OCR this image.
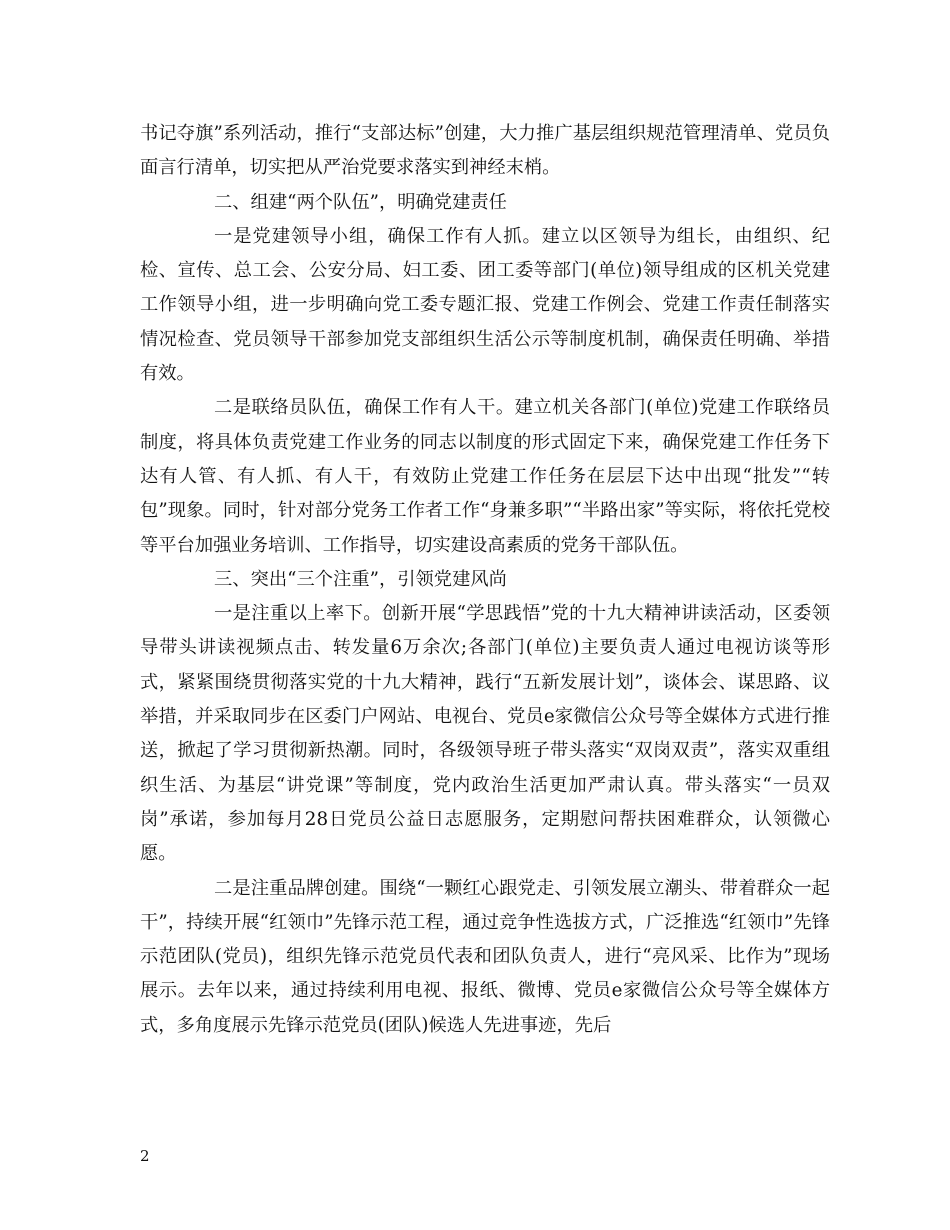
书记夺旗”系列活动，推行“支部达标”创建，大力推广基层组织规范管理清单、党员负面言行清单，切实把从严治党要求落实到神经末梢。

二、组建“两个队伍”，明确党建责任

一是党建领导小组，确保工作有人抓。建立以区领导为组长，由组织、纪检、宣传、总工会、公安分局、妇工委、团工委等部门(单位)领导组成的区机关党建工作领导小组，进一步明确向党工委专题汇报、党建工作例会、党建工作责任制落实情况检查、党员领导干部参加党支部组织生活公示等制度机制，确保责任明确、举措有效。

二是联络员队伍，确保工作有人干。建立机关各部门(单位)党建工作联络员制度，将具体负责党建工作业务的同志以制度的形式固定下来，确保党建工作任务下达有人管、有人抓、有人干，有效防止党建工作任务在层层下达中出现“批发”“转包”现象。同时，针对部分党务工作者工作“身兼多职”“半路出家”等实际，将依托党校等平台加强业务培训、工作指导，切实建设高素质的党务干部队伍。

三、突出“三个注重”，引领党建风尚

一是注重以上率下。创新开展“学思践悟”党的十九大精神讲读活动，区委领导带头讲读视频点击、转发量6万余次;各部门(单位)主要负责人通过电视访谈等形式，紧紧围绕贯彻落实党的十九大精神，践行“五新发展计划”，谈体会、谋思路、议举措，并采取同步在区委门户网站、电视台、党员e家微信公众号等全媒体方式进行推送，掀起了学习贯彻新热潮。同时，各级领导班子带头落实“双岗双责”，落实双重组织生活、为基层“讲党课”等制度，党内政治生活更加严肃认真。带头落实“一员双岗”承诺，参加每月28日党员公益日志愿服务，定期慰问帮扶困难群众，认领微心愿。

二是注重品牌创建。围绕“一颗红心跟党走、引领发展立潮头、带着群众一起干”，持续开展“红领巾”先锋示范工程，通过竞争性选拔方式，广泛推选“红领巾”先锋示范团队(党员)，组织先锋示范党员代表和团队负责人，进行“亮风采、比作为”现场展示。去年以来，通过持续利用电视、报纸、微博、党员e家微信公众号等全媒体方式，多角度展示先锋示范党员(团队)候选人先进事迹，先后

2
